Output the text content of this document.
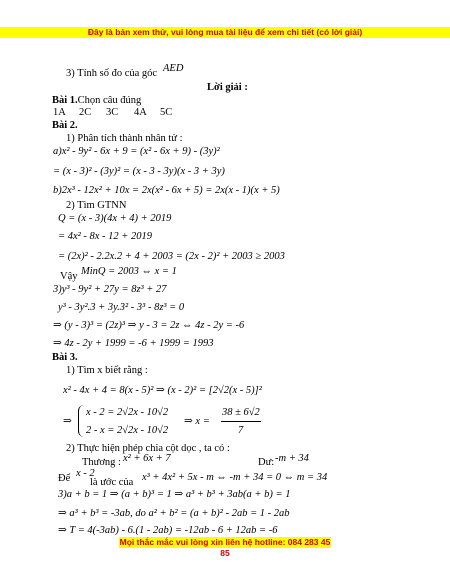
Đây là bản xem thử, vui lòng mua tài liệu để xem chi tiết (có lời giải)
3) Tính số đo của góc AED
Lời giải :
Bài 1.Chọn câu đúng
1A 2C 3C 4A 5C
Bài 2.
1) Phân tích thành nhân tử :
a)x² - 9y² - 6x + 9 = (x² - 6x + 9) - (3y)²
= (x - 3)² - (3y)² = (x - 3 - 3y)(x - 3 + 3y)
b)2x³ - 12x² + 10x = 2x(x² - 6x + 5) = 2x(x - 1)(x + 5)
2) Tìm GTNN
Q = (x - 3)(4x + 4) + 2019
= 4x² - 8x - 12 + 2019
= (2x)² - 2.2x.2 + 4 + 2003 = (2x - 2)² + 2003 ≥ 2003
Vậy MinQ = 2003 ⇔ x = 1
3)y³ - 9y² + 27y = 8z³ + 27
y³ - 3y².3 + 3y.3² - 3³ - 8z³ = 0
⇒ (y - 3)³ = (2z)³ ⇒ y - 3 = 2z ⇔ 4z - 2y = -6
⇒ 4z - 2y + 1999 = -6 + 1999 = 1993
Bài 3.
1) Tìm x biết rằng :
x² - 4x + 4 = 8(x - 5)² ⇒ (x - 2)² = [2√2(x - 5)]²
⇒
x - 2 = 2√2x - 10√2
2 - x = 2√2x - 10√2
⇒ x =
38 ± 6√2
7
2) Thực hiện phép chia cột dọc , ta có :
Thương : x² + 6x + 7	Dư: -m + 34
Để x - 2
là ước của x³ + 4x² + 5x - m ⇔ -m + 34 = 0 ⇔ m = 34
3)a + b = 1 ⇒ (a + b)³ = 1 ⇒ a³ + b³ + 3ab(a + b) = 1
⇒ a³ + b³ = -3ab, do a² + b² = (a + b)² - 2ab = 1 - 2ab
⇒ T = 4(-3ab) - 6.(1 - 2ab) = -12ab - 6 + 12ab = -6
Mọi thắc mắc vui lòng xin liên hệ hotline: 084 283 45 85
